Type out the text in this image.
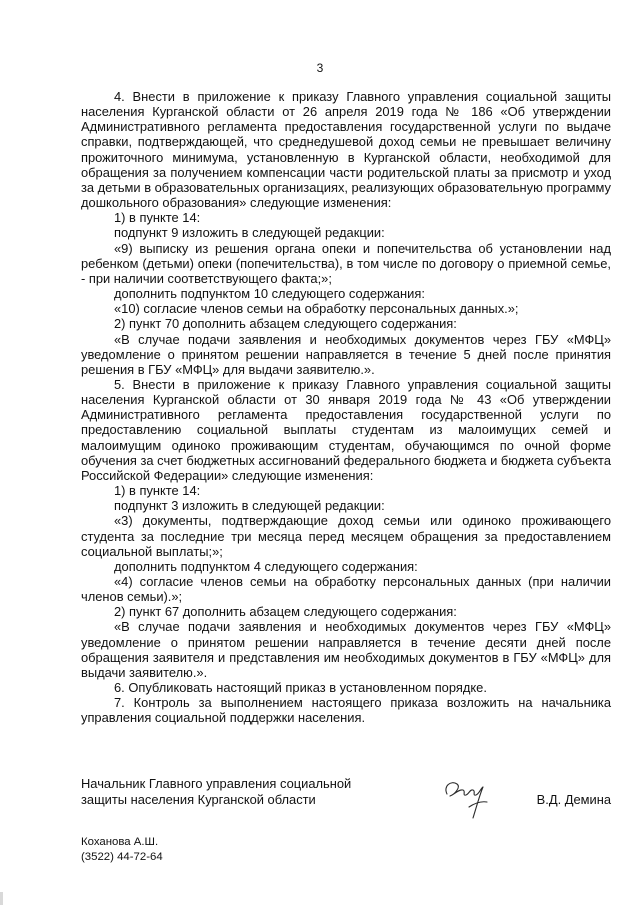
3

4. Внести в приложение к приказу Главного управления социальной защиты населения Курганской области от 26 апреля 2019 года № 186 «Об утверждении Административного регламента предоставления государственной услуги по выдаче справки, подтверждающей, что среднедушевой доход семьи не превышает величину прожиточного минимума, установленную в Курганской области, необходимой для обращения за получением компенсации части родительской платы за присмотр и уход за детьми в образовательных организациях, реализующих образовательную программу дошкольного образования» следующие изменения:

1) в пункте 14:

подпункт 9 изложить в следующей редакции:

«9) выписку из решения органа опеки и попечительства об установлении над ребенком (детьми) опеки (попечительства), в том числе по договору о приемной семье, - при наличии соответствующего факта;»;

дополнить подпунктом 10 следующего содержания:

«10) согласие членов семьи на обработку персональных данных.»;

2) пункт 70 дополнить абзацем следующего содержания:

«В случае подачи заявления и необходимых документов через ГБУ «МФЦ» уведомление о принятом решении направляется в течение 5 дней после принятия решения в ГБУ «МФЦ» для выдачи заявителю.».

5. Внести в приложение к приказу Главного управления социальной защиты населения Курганской области от 30 января 2019 года № 43 «Об утверждении Административного регламента предоставления государственной услуги по предоставлению социальной выплаты студентам из малоимущих семей и малоимущим одиноко проживающим студентам, обучающимся по очной форме обучения за счет бюджетных ассигнований федерального бюджета и бюджета субъекта Российской Федерации» следующие изменения:

1) в пункте 14:

подпункт 3 изложить в следующей редакции:

«3) документы, подтверждающие доход семьи или одиноко проживающего студента за последние три месяца перед месяцем обращения за предоставлением социальной выплаты;»;

дополнить подпунктом 4 следующего содержания:

«4) согласие членов семьи на обработку персональных данных (при наличии членов семьи).»;

2) пункт 67 дополнить абзацем следующего содержания:

«В случае подачи заявления и необходимых документов через ГБУ «МФЦ» уведомление о принятом решении направляется в течение десяти дней после обращения заявителя и представления им необходимых документов в ГБУ «МФЦ» для выдачи заявителю.».

6. Опубликовать настоящий приказ в установленном порядке.

7. Контроль за выполнением настоящего приказа возложить на начальника управления социальной поддержки населения.

Начальник Главного управления социальной
защиты населения Курганской области	В.Д. Демина
Коханова А.Ш.
(3522) 44-72-64
